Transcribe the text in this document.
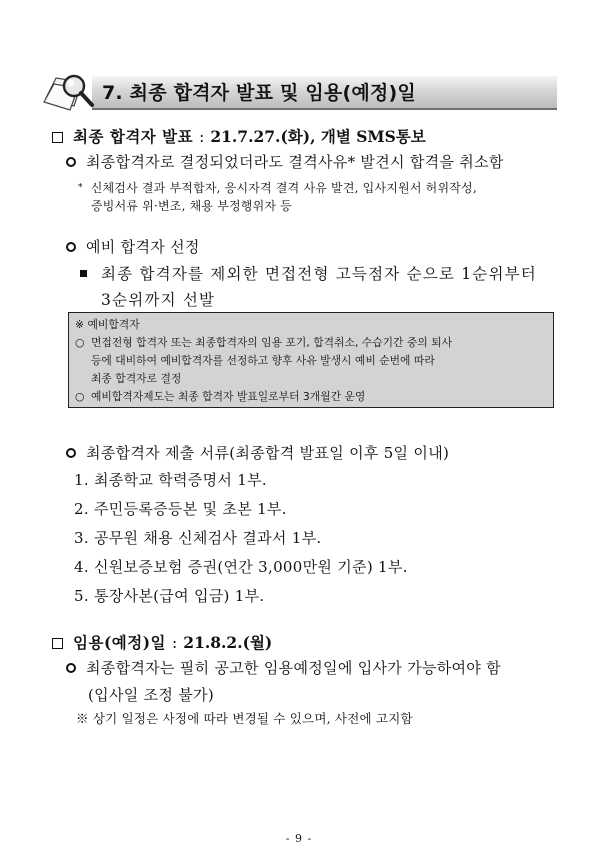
7. 최종 합격자 발표 및 임용(예정)일
최종 합격자 발표 : 21.7.27.(화), 개별 SMS통보
최종합격자로 결정되었더라도 결격사유* 발견시 합격을 취소함
* 신체검사 결과 부적합자, 응시자격 결격 사유 발견, 입사지원서 허위작성,
증빙서류 위·변조, 채용 부정행위자 등
예비 합격자 선정
최종 합격자를 제외한 면접전형 고득점자 순으로 1순위부터
3순위까지 선발
※ 예비합격자
○ 면접전형 합격자 또는 최종합격자의 임용 포기, 합격취소, 수습기간 중의 퇴사
등에 대비하여 예비합격자를 선정하고 향후 사유 발생시 예비 순번에 따라
최종 합격자로 결정
○ 예비합격자제도는 최종 합격자 발표일로부터 3개월간 운영
최종합격자 제출 서류(최종합격 발표일 이후 5일 이내)
1. 최종학교 학력증명서 1부.
2. 주민등록증등본 및 초본 1부.
3. 공무원 채용 신체검사 결과서 1부.
4. 신원보증보험 증권(연간 3,000만원 기준) 1부.
5. 통장사본(급여 입금) 1부.
임용(예정)일 : 21.8.2.(월)
최종합격자는 필히 공고한 임용예정일에 입사가 가능하여야 함
(입사일 조정 불가)
※ 상기 일정은 사정에 따라 변경될 수 있으며, 사전에 고지함
- 9 -
